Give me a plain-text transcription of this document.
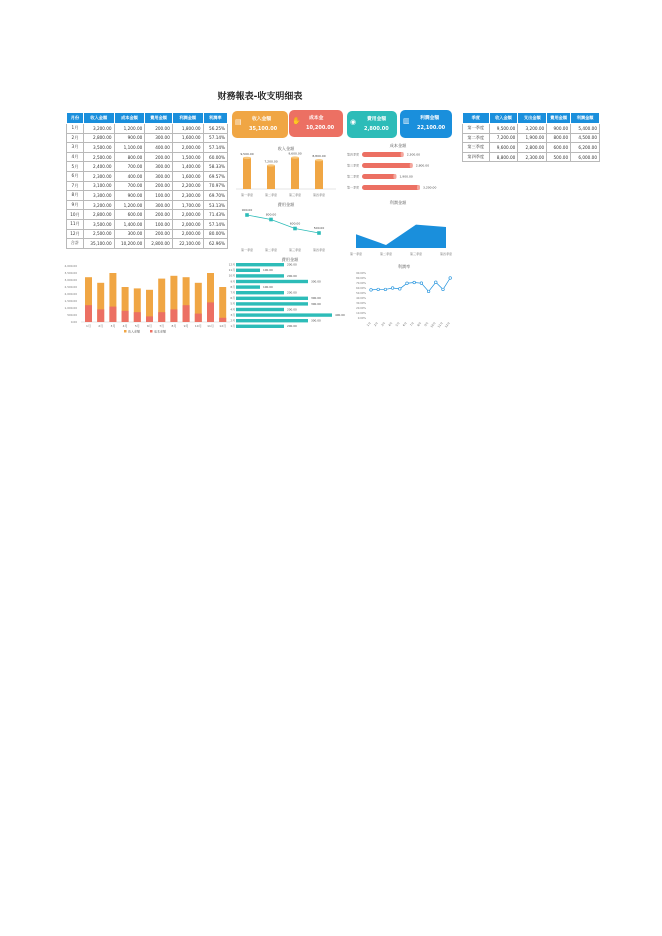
财務報表-收支明细表
月份	收入金額	成本金額	費用金額	利潤金額	利潤率
1月	3,200.00	1,200.00	200.00	1,800.00	56.25%
2月	2,800.00	900.00	300.00	1,600.00	57.14%
3月	3,500.00	1,100.00	400.00	2,000.00	57.14%
4月	2,500.00	800.00	200.00	1,500.00	60.00%
5月	2,400.00	700.00	300.00	1,400.00	58.33%
6月	2,300.00	400.00	300.00	1,600.00	69.57%
7月	3,100.00	700.00	200.00	2,200.00	70.97%
8月	3,300.00	900.00	100.00	2,300.00	69.70%
9月	3,200.00	1,200.00	300.00	1,700.00	53.13%
10月	2,800.00	600.00	200.00	2,000.00	71.43%
11月	3,500.00	1,400.00	100.00	2,000.00	57.14%
12月	2,500.00	300.00	200.00	2,000.00	80.00%
合計	35,100.00	10,200.00	2,800.00	22,100.00	62.96%
季度	收入金額	支出金額	費用金額	利潤金額
第一季度	9,500.00	3,200.00	900.00	5,400.00
第二季度	7,200.00	1,900.00	800.00	4,500.00
第三季度	9,600.00	2,800.00	600.00	6,200.00
第四季度	8,800.00	2,300.00	500.00	6,000.00
▤ 收入金額
35,100.00
✋ 成本金
10,200.00
◉ 費用金額
2,800.00
▥ 利潤金額
22,100.00
收入金額
9,500.00
第一季度
7,200.00
第二季度
9,600.00
第三季度
8,800.00
第四季度
費用金額
900.00
第一季度
800.00
第二季度
600.00
第三季度
500.00
第四季度
成本金額
第四季度	2,300.00
第三季度	2,800.00
第二季度	1,900.00
第一季度	3,200.00
利潤金額
第一季度	第二季度	第三季度	第四季度
0.00
500.00
1,000.00
1,500.00
2,000.00
2,500.00
3,000.00
3,500.00
4,000.00
1月 2月 3月 4月 5月 6月 7月 8月 9月 10月 11月 12月
收入金額	成本金額
費用金額
12月	200.00
11月	100.00
10月	200.00
9月	300.00
8月	100.00
7月	200.00
6月	300.00
5月	300.00
4月	200.00
3月	400.00
2月	300.00
1月	200.00
利潤率
0.00%
10.00%
20.00%
30.00%
40.00%
50.00%
60.00%
70.00%
80.00%
90.00%
1月 2月 3月 4月 5月 6月 7月 8月 9月 10月 11月 12月
